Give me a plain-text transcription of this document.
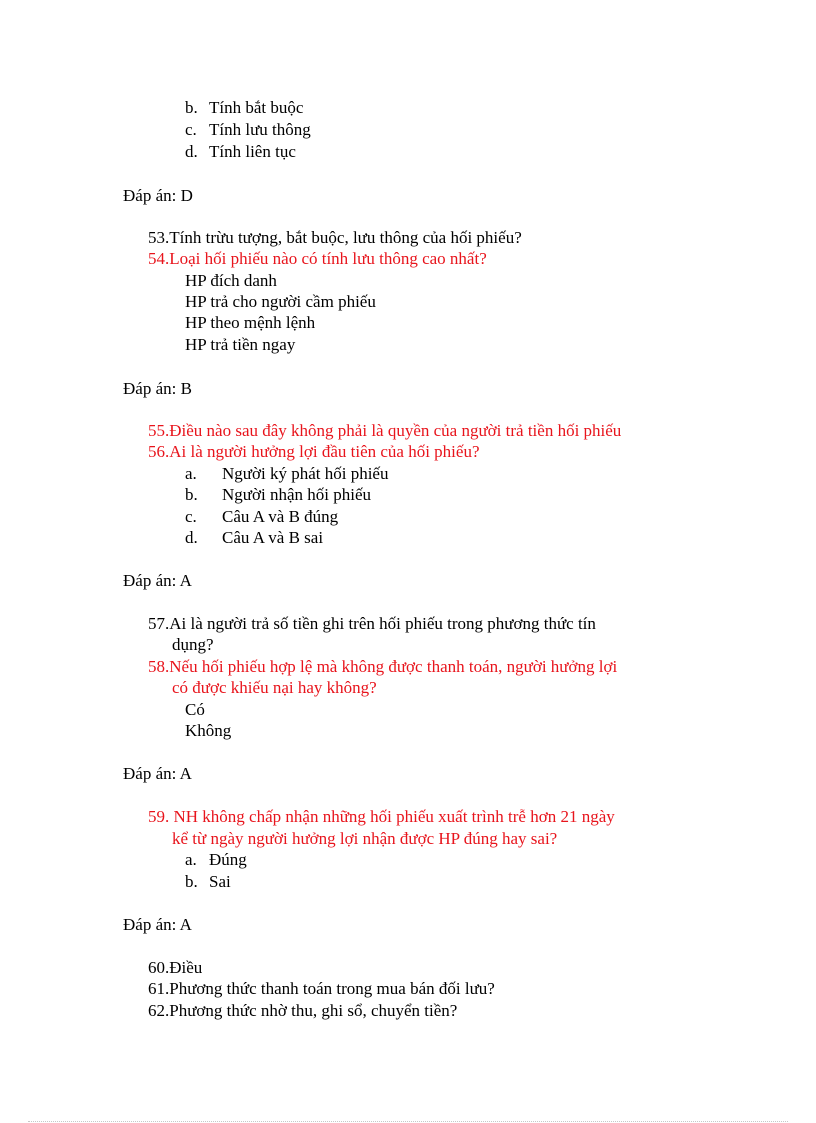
b. Tính bắt buộc
c. Tính lưu thông
d. Tính liên tục
Đáp án: D
53.Tính trừu tượng, bắt buộc, lưu thông của hối phiếu?
54.Loại hối phiếu nào có tính lưu thông cao nhất?
HP đích danh
HP trả cho người cầm phiếu
HP theo mệnh lệnh
HP trả tiền ngay
Đáp án: B
55.Điều nào sau đây không phải là quyền của người trả tiền hối phiếu
56.Ai là người hưởng lợi đầu tiên của hối phiếu?
a. Người ký phát hối phiếu
b. Người nhận hối phiếu
c. Câu A và B đúng
d. Câu A và B sai
Đáp án: A
57.Ai là người trả số tiền ghi trên hối phiếu trong phương thức tín
dụng?
58.Nếu hối phiếu hợp lệ mà không được thanh toán, người hưởng lợi
có được khiếu nại hay không?
Có
Không
Đáp án: A
59. NH không chấp nhận những hối phiếu xuất trình trễ hơn 21 ngày
kể từ ngày người hưởng lợi nhận được HP đúng hay sai?
a. Đúng
b. Sai
Đáp án: A
60.Điều
61.Phương thức thanh toán trong mua bán đối lưu?
62.Phương thức nhờ thu, ghi sổ, chuyển tiền?
